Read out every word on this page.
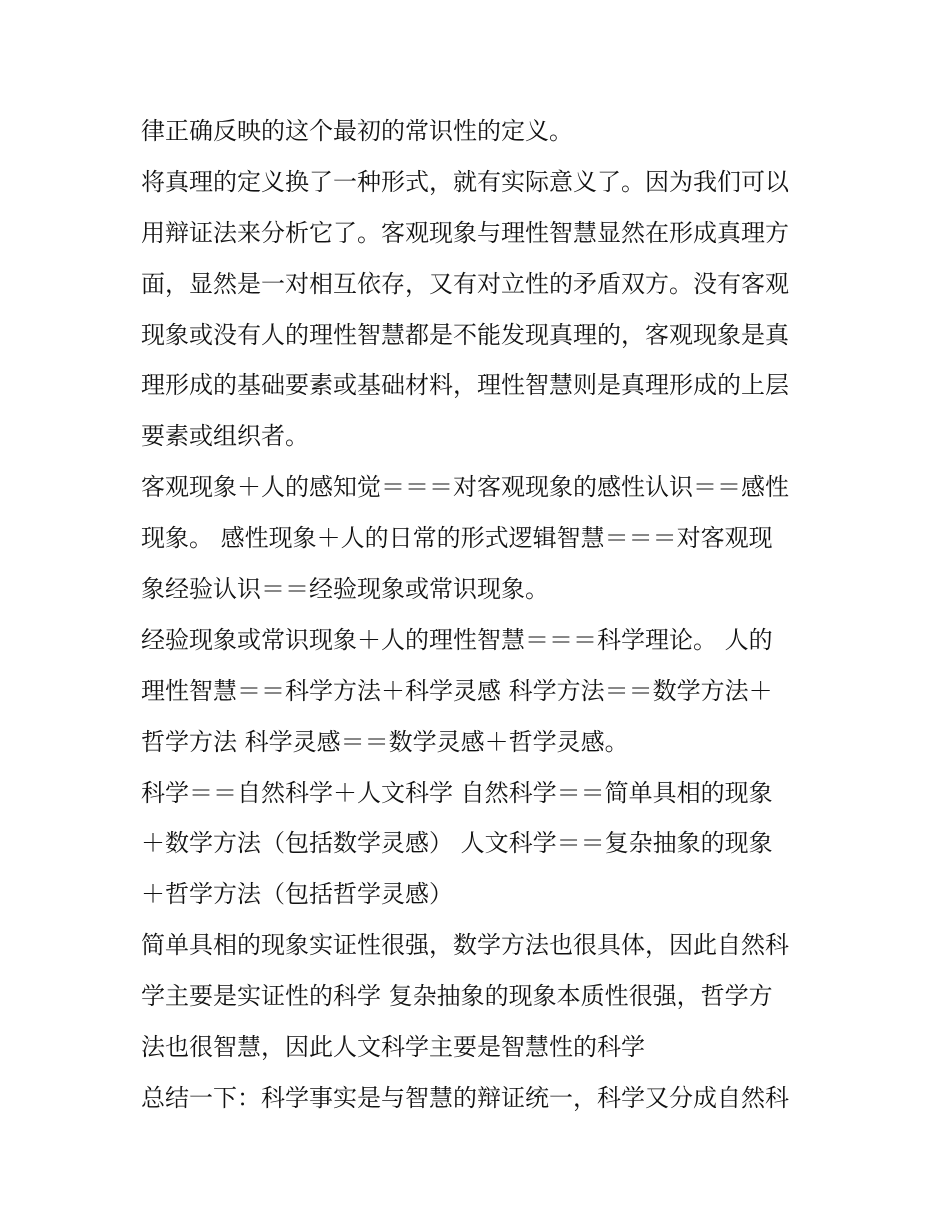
律正确反映的这个最初的常识性的定义。
将真理的定义换了一种形式，就有实际意义了。因为我们可以
用辩证法来分析它了。客观现象与理性智慧显然在形成真理方
面，显然是一对相互依存，又有对立性的矛盾双方。没有客观
现象或没有人的理性智慧都是不能发现真理的，客观现象是真
理形成的基础要素或基础材料，理性智慧则是真理形成的上层
要素或组织者。
客观现象＋人的感知觉＝＝＝对客观现象的感性认识＝＝感性
现象。 感性现象＋人的日常的形式逻辑智慧＝＝＝对客观现
象经验认识＝＝经验现象或常识现象。
经验现象或常识现象＋人的理性智慧＝＝＝科学理论。 人的
理性智慧＝＝科学方法＋科学灵感 科学方法＝＝数学方法＋
哲学方法 科学灵感＝＝数学灵感＋哲学灵感。
科学＝＝自然科学＋人文科学 自然科学＝＝简单具相的现象
＋数学方法（包括数学灵感） 人文科学＝＝复杂抽象的现象
＋哲学方法（包括哲学灵感）
简单具相的现象实证性很强，数学方法也很具体，因此自然科
学主要是实证性的科学 复杂抽象的现象本质性很强，哲学方
法也很智慧，因此人文科学主要是智慧性的科学
总结一下：科学事实是与智慧的辩证统一，科学又分成自然科
